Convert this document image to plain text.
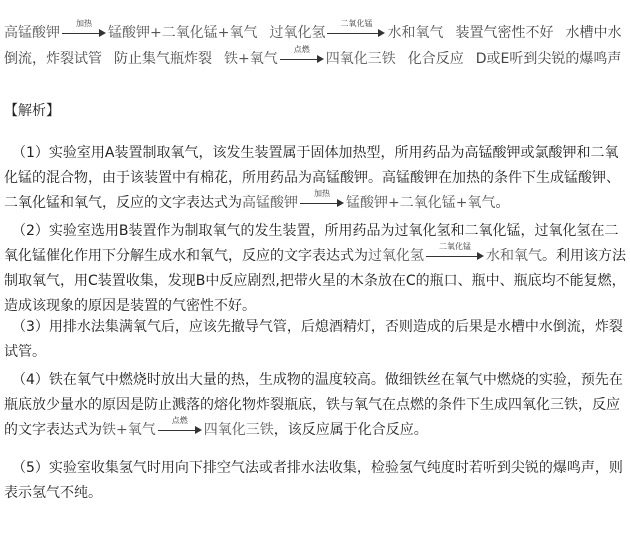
高锰酸钾
加热
锰酸钾+二氧化锰+氧气 过氧化氢
二氧化锰
水和氧气 装置气密性不好 水槽中水倒流，炸裂试管 防止集气瓶炸裂 铁+氧气
点燃
四氧化三铁 化合反应 D或E听到尖锐的爆鸣声
【解析】
（1）实验室用A装置制取氧气，该发生装置属于固体加热型，所用药品为高锰酸钾或氯酸钾和二氧化锰的混合物，由于该装置中有棉花，所用药品为高锰酸钾。高锰酸钾在加热的条件下生成锰酸钾、二氧化锰和氧气，反应的文字表达式为高锰酸钾
加热
锰酸钾+二氧化锰+氧气。
（2）实验室选用B装置作为制取氧气的发生装置，所用药品为过氧化氢和二氧化锰，过氧化氢在二氧化锰催化作用下分解生成水和氧气，反应的文字表达式为过氧化氢
二氧化锰
水和氧气。利用该方法制取氧气，用C装置收集，发现B中反应剧烈,把带火星的木条放在C的瓶口、瓶中、瓶底均不能复燃，造成该现象的原因是装置的气密性不好。
（3）用排水法集满氧气后，应该先撤导气管，后熄酒精灯，否则造成的后果是水槽中水倒流，炸裂试管。
（4）铁在氧气中燃烧时放出大量的热，生成物的温度较高。做细铁丝在氧气中燃烧的实验，预先在瓶底放少量水的原因是防止溅落的熔化物炸裂瓶底，铁与氧气在点燃的条件下生成四氧化三铁，反应的文字表达式为铁+氧气
点燃
四氧化三铁，该反应属于化合反应。
（5）实验室收集氢气时用向下排空气法或者排水法收集，检验氢气纯度时若听到尖锐的爆鸣声，则表示氢气不纯。
